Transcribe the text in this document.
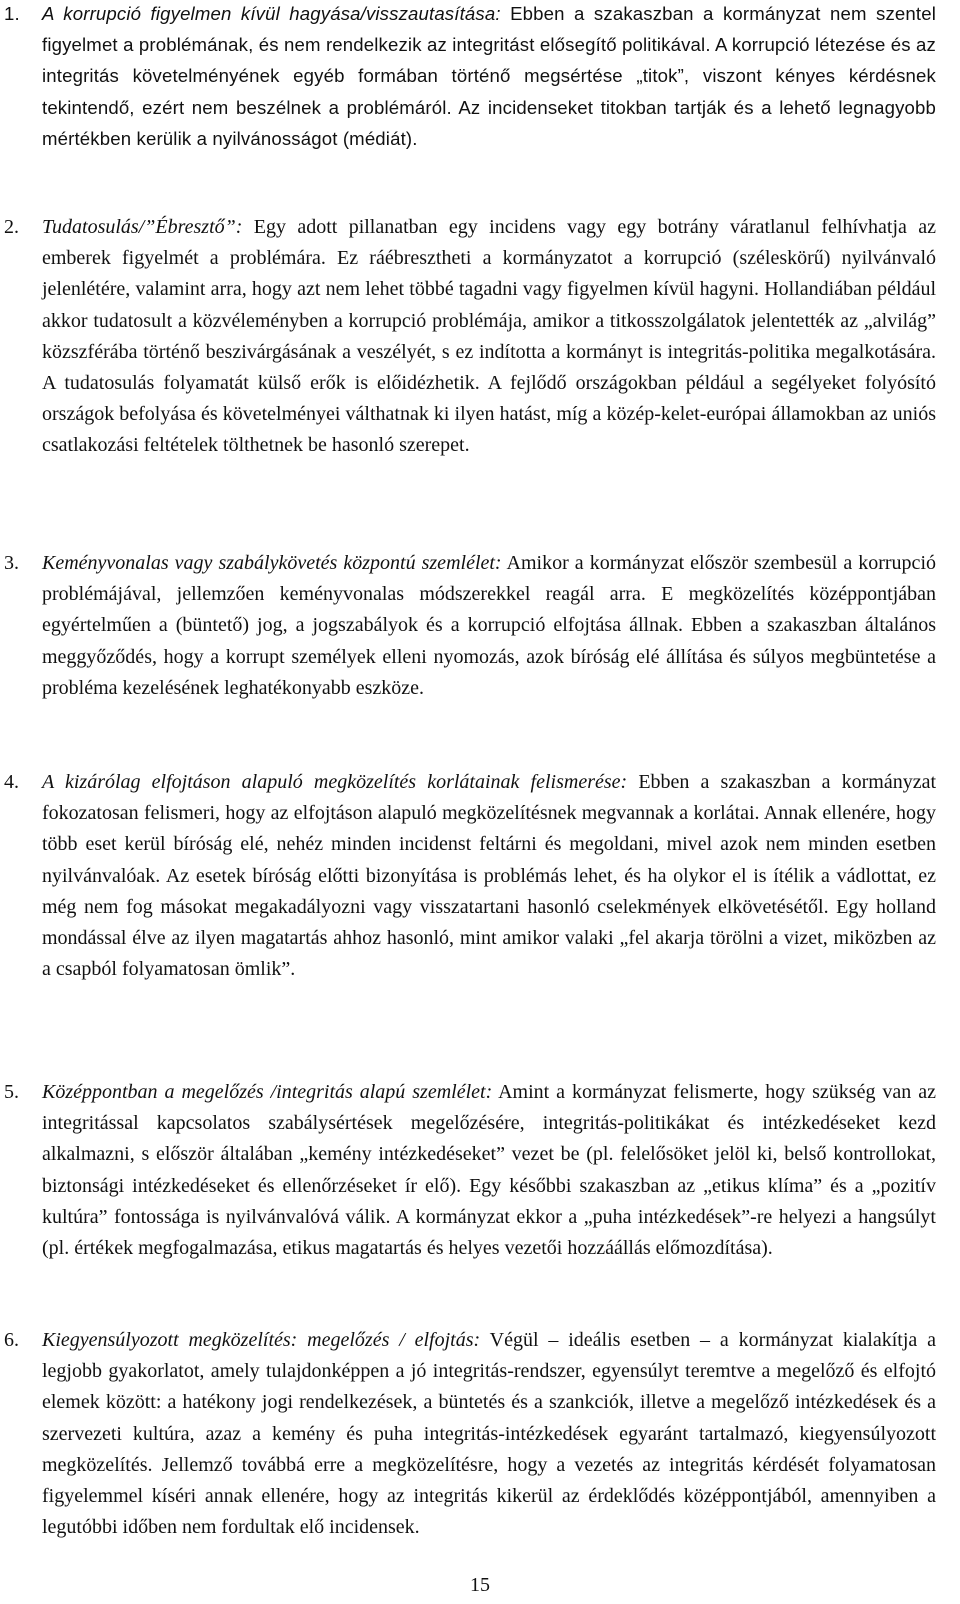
1.	A korrupció figyelmen kívül hagyása/visszautasítása: Ebben a szakaszban a kormányzat nem szentel figyelmet a problémának, és nem rendelkezik az integritást elősegítő politikával. A korrupció létezése és az integritás követelményének egyéb formában történő megsértése „titok”, viszont kényes kérdésnek tekintendő, ezért nem beszélnek a problémáról. Az incidenseket titokban tartják és a lehető legnagyobb mértékben kerülik a nyilvánosságot (médiát).
2.	Tudatosulás/”Ébresztő”: Egy adott pillanatban egy incidens vagy egy botrány váratlanul felhívhatja az emberek figyelmét a problémára. Ez ráébresztheti a kormányzatot a korrupció (széleskörű) nyilvánvaló jelenlétére, valamint arra, hogy azt nem lehet többé tagadni vagy figyelmen kívül hagyni. Hollandiában például akkor tudatosult a közvéleményben a korrupció problémája, amikor a titkosszolgálatok jelentették az „alvilág” közszférába történő beszivárgásának a veszélyét, s ez indította a kormányt is integritás-politika megalkotására. A tudatosulás folyamatát külső erők is előidézhetik. A fejlődő országokban például a segélyeket folyósító országok befolyása és követelményei válthatnak ki ilyen hatást, míg a közép-kelet-európai államokban az uniós csatlakozási feltételek tölthetnek be hasonló szerepet.
3.	Keményvonalas vagy szabálykövetés központú szemlélet: Amikor a kormányzat először szembesül a korrupció problémájával, jellemzően keményvonalas módszerekkel reagál arra. E megközelítés középpontjában egyértelműen a (büntető) jog, a jogszabályok és a korrupció elfojtása állnak. Ebben a szakaszban általános meggyőződés, hogy a korrupt személyek elleni nyomozás, azok bíróság elé állítása és súlyos megbüntetése a probléma kezelésének leghatékonyabb eszköze.
4.	A kizárólag elfojtáson alapuló megközelítés korlátainak felismerése: Ebben a szakaszban a kormányzat fokozatosan felismeri, hogy az elfojtáson alapuló megközelítésnek megvannak a korlátai. Annak ellenére, hogy több eset kerül bíróság elé, nehéz minden incidenst feltárni és megoldani, mivel azok nem minden esetben nyilvánvalóak. Az esetek bíróság előtti bizonyítása is problémás lehet, és ha olykor el is ítélik a vádlottat, ez még nem fog másokat megakadályozni vagy visszatartani hasonló cselekmények elkövetésétől. Egy holland mondással élve az ilyen magatartás ahhoz hasonló, mint amikor valaki „fel akarja törölni a vizet, miközben az a csapból folyamatosan ömlik”.
5.	Középpontban a megelőzés /integritás alapú szemlélet: Amint a kormányzat felismerte, hogy szükség van az integritással kapcsolatos szabálysértések megelőzésére, integritás-politikákat és intézkedéseket kezd alkalmazni, s először általában „kemény intézkedéseket” vezet be (pl. felelősöket jelöl ki, belső kontrollokat, biztonsági intézkedéseket és ellenőrzéseket ír elő). Egy későbbi szakaszban az „etikus klíma” és a „pozitív kultúra” fontossága is nyilvánvalóvá válik. A kormányzat ekkor a „puha intézkedések”-re helyezi a hangsúlyt (pl. értékek megfogalmazása, etikus magatartás és helyes vezetői hozzáállás előmozdítása).
6.	Kiegyensúlyozott megközelítés: megelőzés / elfojtás: Végül – ideális esetben – a kormányzat kialakítja a legjobb gyakorlatot, amely tulajdonképpen a jó integritás-rendszer, egyensúlyt teremtve a megelőző és elfojtó elemek között: a hatékony jogi rendelkezések, a büntetés és a szankciók, illetve a megelőző intézkedések és a szervezeti kultúra, azaz a kemény és puha integritás-intézkedések egyaránt tartalmazó, kiegyensúlyozott megközelítés. Jellemző továbbá erre a megközelítésre, hogy a vezetés az integritás kérdését folyamatosan figyelemmel kíséri annak ellenére, hogy az integritás kikerül az érdeklődés középpontjából, amennyiben a legutóbbi időben nem fordultak elő incidensek.
15
